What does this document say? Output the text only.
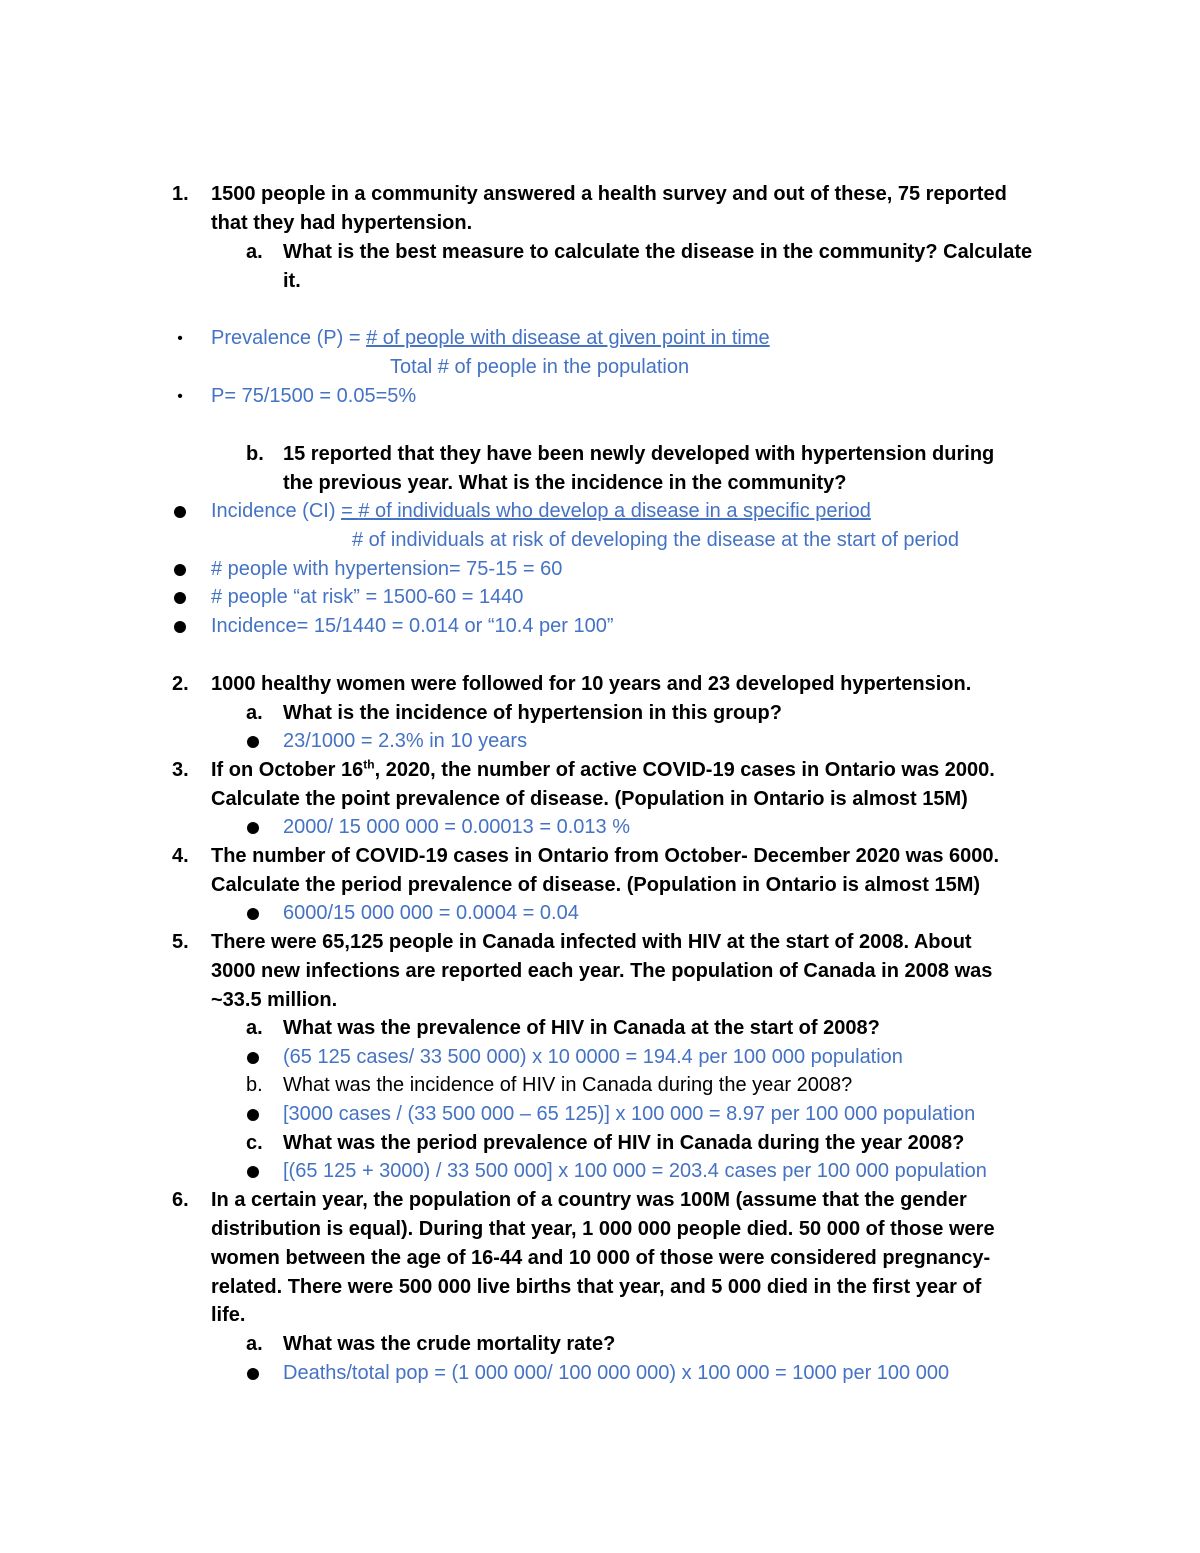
1.	1500 people in a community answered a health survey and out of these, 75 reported
that they had hypertension.
a.	What is the best measure to calculate the disease in the community? Calculate
it.
• Prevalence (P) = # of people with disease at given point in time
Total # of people in the population
• P= 75/1500 = 0.05=5%
b. 15 reported that they have been newly developed with hypertension during
the previous year. What is the incidence in the community?
Incidence (CI) = # of individuals who develop a disease in a specific period
# of individuals at risk of developing the disease at the start of period
# people with hypertension= 75-15 = 60
# people “at risk” = 1500-60 = 1440
Incidence= 15/1440 = 0.014 or “10.4 per 100”
2.	1000 healthy women were followed for 10 years and 23 developed hypertension.
a.	What is the incidence of hypertension in this group?
23/1000 = 2.3% in 10 years
3.	If on October 16th, 2020, the number of active COVID-19 cases in Ontario was 2000.
Calculate the point prevalence of disease. (Population in Ontario is almost 15M)
2000/ 15 000 000 = 0.00013 = 0.013 %
4.	The number of COVID-19 cases in Ontario from October- December 2020 was 6000.
Calculate the period prevalence of disease. (Population in Ontario is almost 15M)
6000/15 000 000 = 0.0004 = 0.04
5.	There were 65,125 people in Canada infected with HIV at the start of 2008. About
3000 new infections are reported each year. The population of Canada in 2008 was
~33.5 million.
a.	What was the prevalence of HIV in Canada at the start of 2008?
(65 125 cases/ 33 500 000) x 10 0000 = 194.4 per 100 000 population
b.	What was the incidence of HIV in Canada during the year 2008?
[3000 cases / (33 500 000 – 65 125)] x 100 000 = 8.97 per 100 000 population
c.	What was the period prevalence of HIV in Canada during the year 2008?
[(65 125 + 3000) / 33 500 000] x 100 000 = 203.4 cases per 100 000 population
6.	In a certain year, the population of a country was 100M (assume that the gender
distribution is equal). During that year, 1 000 000 people died. 50 000 of those were
women between the age of 16-44 and 10 000 of those were considered pregnancy-
related. There were 500 000 live births that year, and 5 000 died in the first year of
life.
a.	What was the crude mortality rate?
Deaths/total pop = (1 000 000/ 100 000 000) x 100 000 = 1000 per 100 000
